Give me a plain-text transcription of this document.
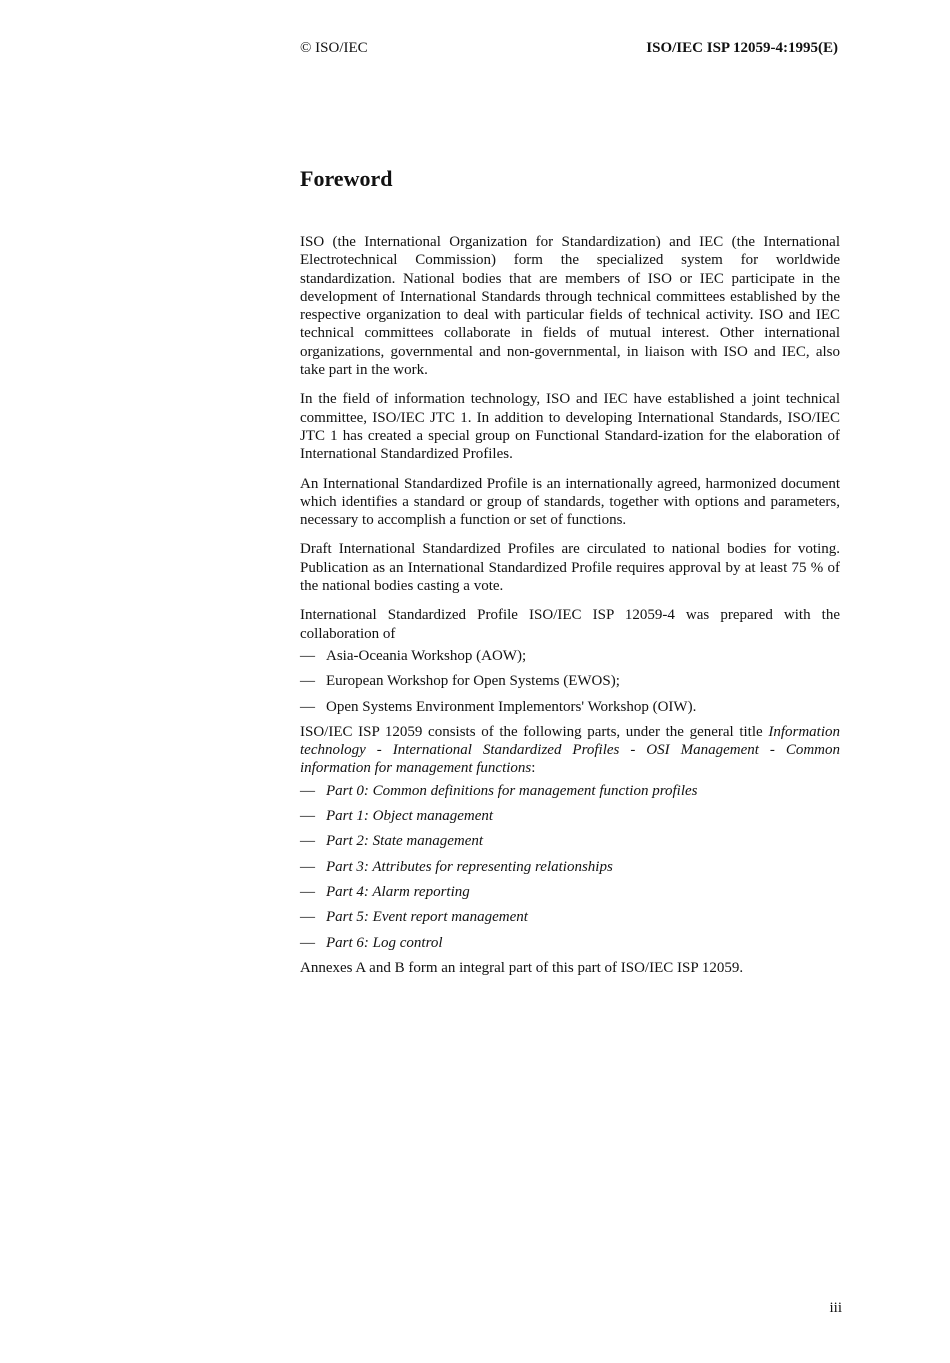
© ISO/IEC	ISO/IEC ISP 12059-4:1995(E)
Foreword

ISO (the International Organization for Standardization) and IEC (the International Electrotechnical Commission) form the specialized system for worldwide standardization. National bodies that are members of ISO or IEC participate in the development of International Standards through technical committees established by the respective organization to deal with particular fields of technical activity. ISO and IEC technical committees collaborate in fields of mutual interest. Other international organizations, governmental and non-governmental, in liaison with ISO and IEC, also take part in the work.

In the field of information technology, ISO and IEC have established a joint technical committee, ISO/IEC JTC 1. In addition to developing International Standards, ISO/IEC JTC 1 has created a special group on Functional Standard-ization for the elaboration of International Standardized Profiles.

An International Standardized Profile is an internationally agreed, harmonized document which identifies a standard or group of standards, together with options and parameters, necessary to accomplish a function or set of functions.

Draft International Standardized Profiles are circulated to national bodies for voting. Publication as an International Standardized Profile requires approval by at least 75 % of the national bodies casting a vote.

International Standardized Profile ISO/IEC ISP 12059-4 was prepared with the collaboration of

— Asia-Oceania Workshop (AOW);
— European Workshop for Open Systems (EWOS);
— Open Systems Environment Implementors' Workshop (OIW).

ISO/IEC ISP 12059 consists of the following parts, under the general title Information technology - International Standardized Profiles - OSI Management - Common information for management functions:

— Part 0: Common definitions for management function profiles
— Part 1: Object management
— Part 2: State management
— Part 3: Attributes for representing relationships
— Part 4: Alarm reporting
— Part 5: Event report management
— Part 6: Log control

Annexes A and B form an integral part of this part of ISO/IEC ISP 12059.

iii
